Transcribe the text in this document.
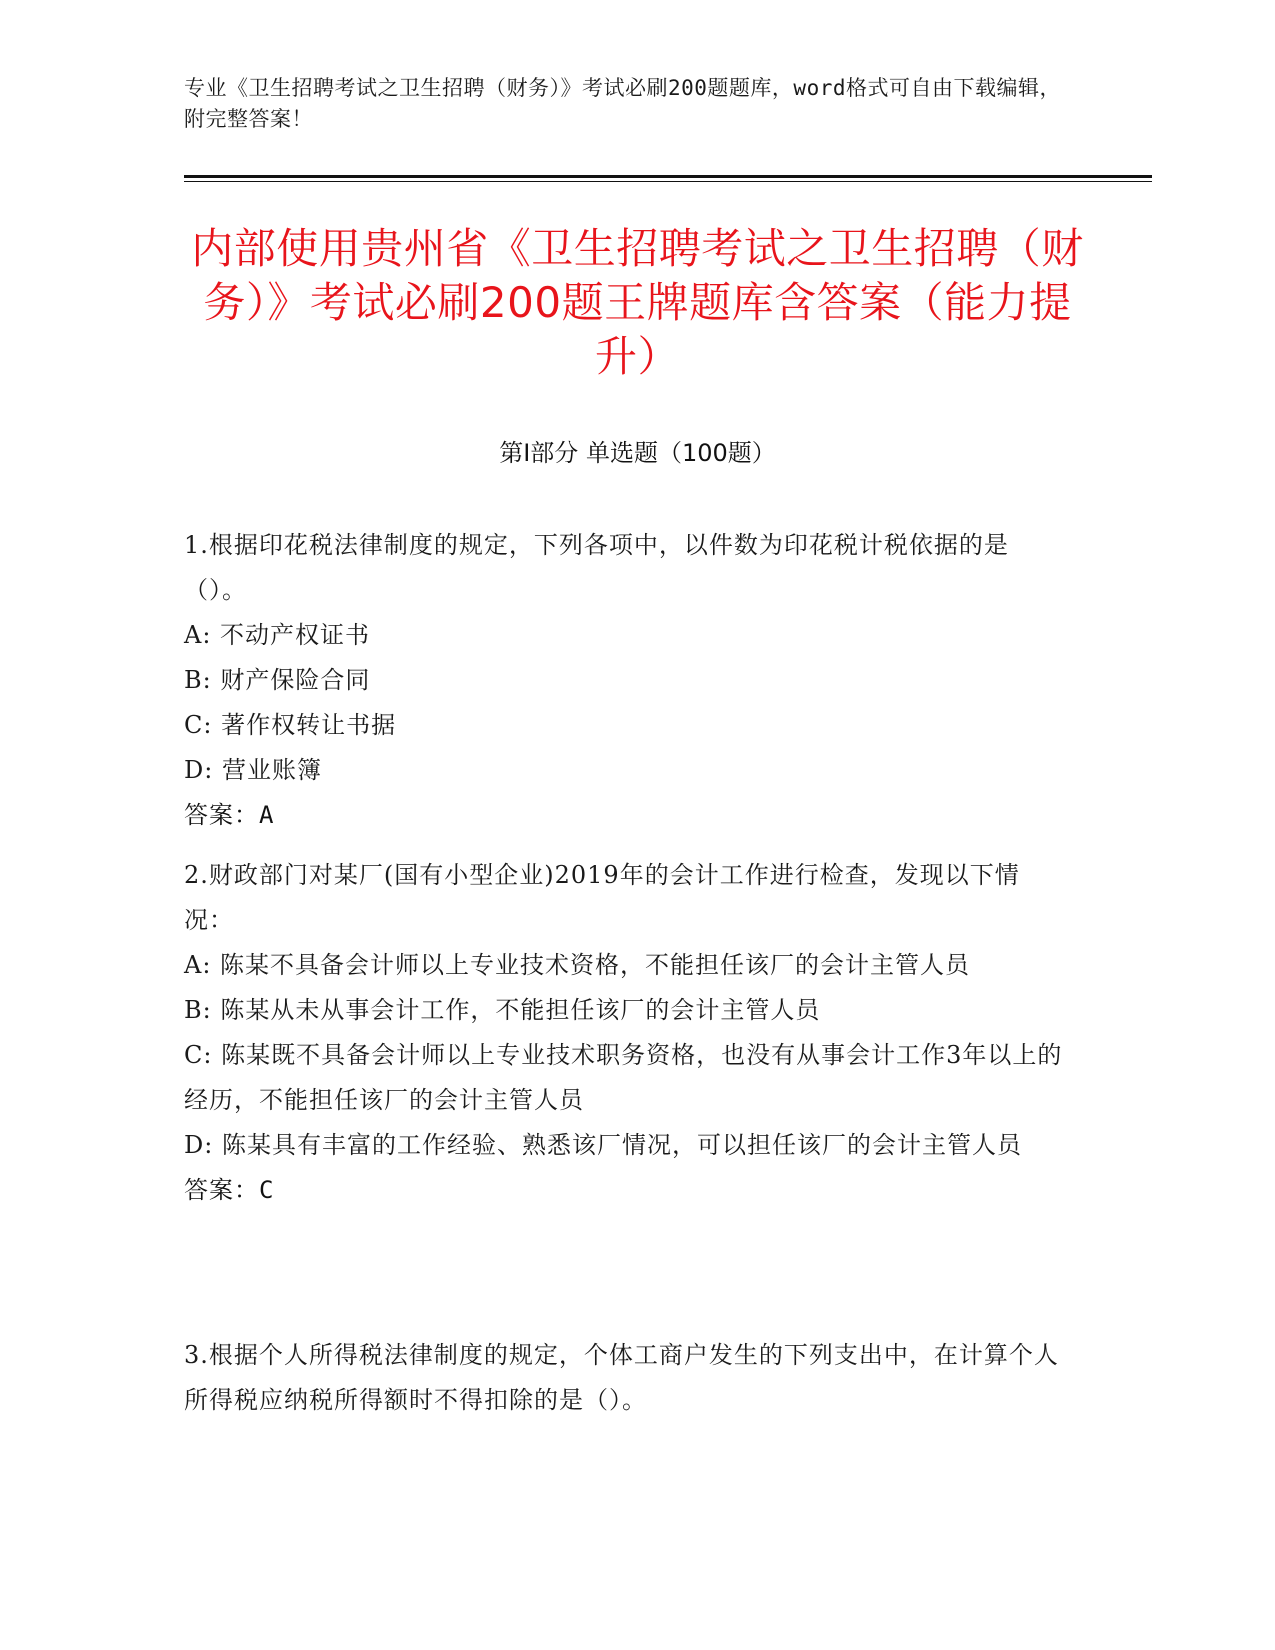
专业《卫生招聘考试之卫生招聘（财务）》考试必刷200题题库，word格式可自由下载编辑，附完整答案！
内部使用贵州省《卫生招聘考试之卫生招聘（财务）》考试必刷200题王牌题库含答案（能力提升）
第Ⅰ部分 单选题（100题）
1.根据印花税法律制度的规定，下列各项中，以件数为印花税计税依据的是（）。
A: 不动产权证书
B: 财产保险合同
C: 著作权转让书据
D: 营业账簿
答案：A
2.财政部门对某厂(国有小型企业)2019年的会计工作进行检查，发现以下情况：
A: 陈某不具备会计师以上专业技术资格，不能担任该厂的会计主管人员
B: 陈某从未从事会计工作，不能担任该厂的会计主管人员
C: 陈某既不具备会计师以上专业技术职务资格，也没有从事会计工作3年以上的经历，不能担任该厂的会计主管人员
D: 陈某具有丰富的工作经验、熟悉该厂情况，可以担任该厂的会计主管人员
答案：C
3.根据个人所得税法律制度的规定，个体工商户发生的下列支出中，在计算个人所得税应纳税所得额时不得扣除的是（）。
